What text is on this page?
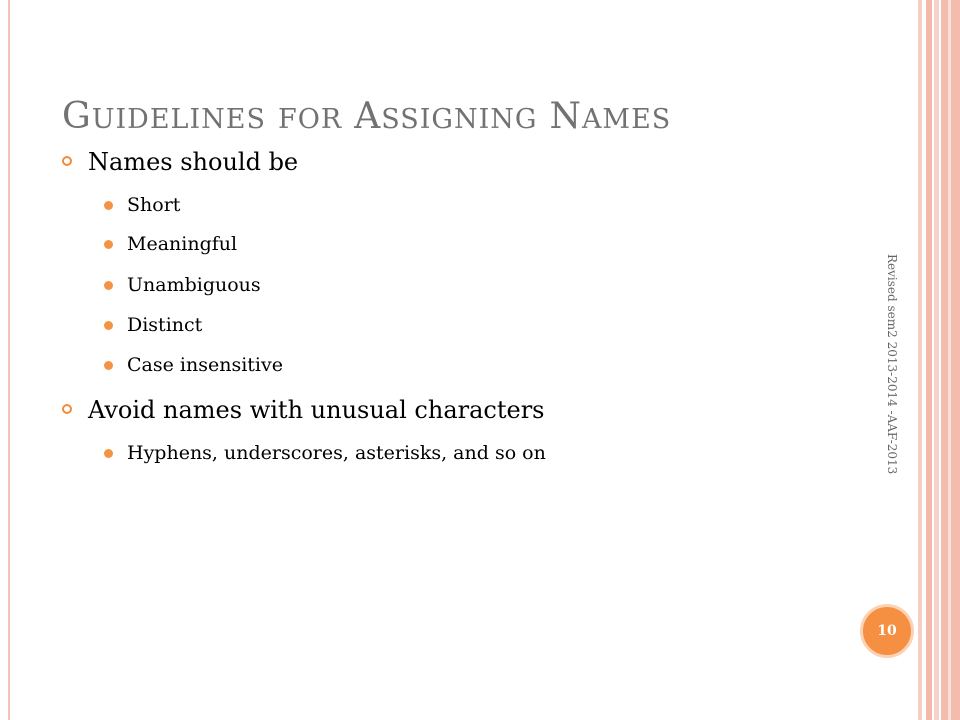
GUIDELINES FOR ASSIGNING NAMES
Names should be
Short
Meaningful
Unambiguous
Distinct
Case insensitive
Avoid names with unusual characters
Hyphens, underscores, asterisks, and so on	Revised sem2 2013-2014 -AAF-2013
10
